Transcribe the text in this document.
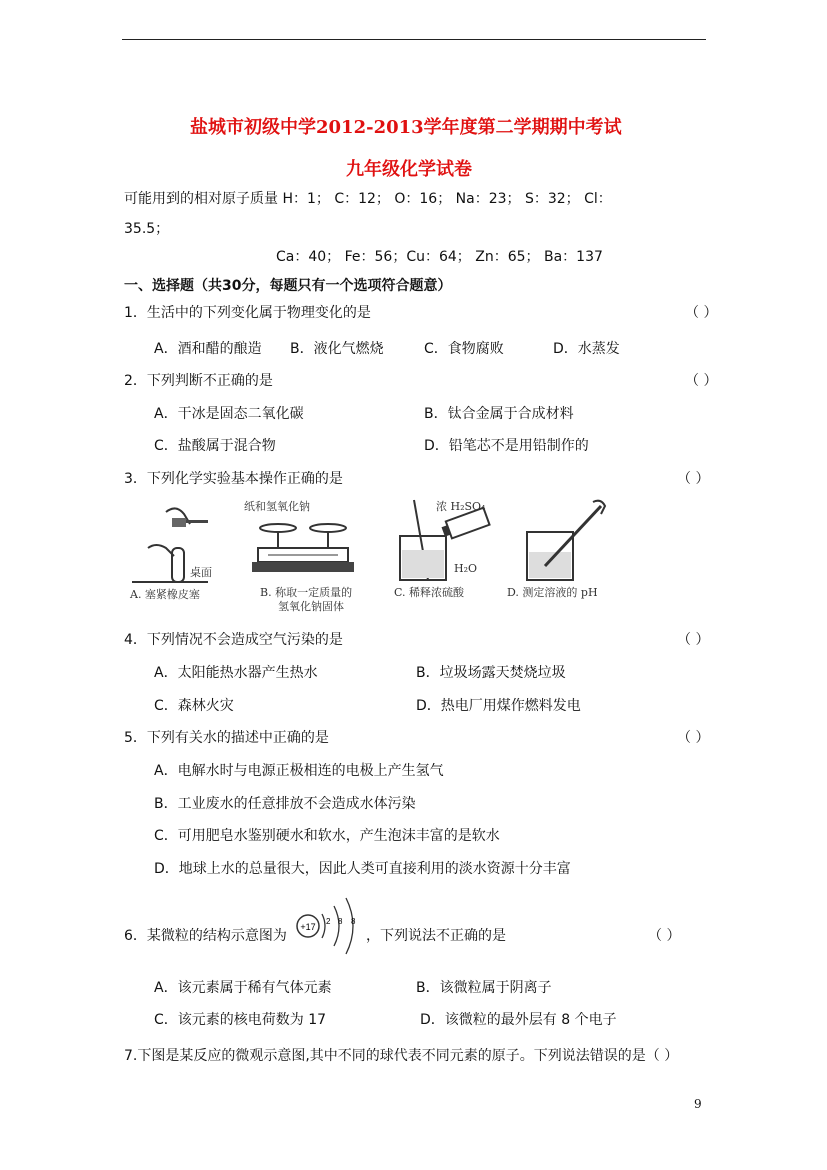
盐城市初级中学2012-2013学年度第二学期期中考试
九年级化学试卷
可能用到的相对原子质量 H：1； C：12； O：16； Na：23； S：32； Cl：
35.5；
Ca：40； Fe：56；Cu：64； Zn：65； Ba：137
一、选择题（共30分，每题只有一个选项符合题意）
1．生活中的下列变化属于物理变化的是	（ ）
A．酒和醋的酿造 B．液化气燃烧	C．食物腐败	D．水蒸发
2．下列判断不正确的是	（ ）
A．干冰是固态二氧化碳	B．钛合金属于合成材料
C．盐酸属于混合物	D．铅笔芯不是用铅制作的
3．下列化学实验基本操作正确的是	（ ）
桌面
A. 塞紧橡皮塞
纸和氢氧化钠
B. 称取一定质量的
氢氧化钠固体
浓 H₂SO₄
H₂O
C. 稀释浓硫酸	D. 测定溶液的 pH
4．下列情况不会造成空气污染的是	（ ）
A．太阳能热水器产生热水	B．垃圾场露天焚烧垃圾
C．森林火灾	D．热电厂用煤作燃料发电
5．下列有关水的描述中正确的是	（ ）
A．电解水时与电源正极相连的电极上产生氢气
B．工业废水的任意排放不会造成水体污染
C．可用肥皂水鉴别硬水和软水，产生泡沫丰富的是软水
D．地球上水的总量很大，因此人类可直接利用的淡水资源十分丰富
6．某微粒的结构示意图为
+17
2 8 8
，下列说法不正确的是	（ ）
A．该元素属于稀有气体元素	B．该微粒属于阴离子
C．该元素的核电荷数为 17	D．该微粒的最外层有 8 个电子
7.下图是某反应的微观示意图,其中不同的球代表不同元素的原子。下列说法错误的是（ ）
9
